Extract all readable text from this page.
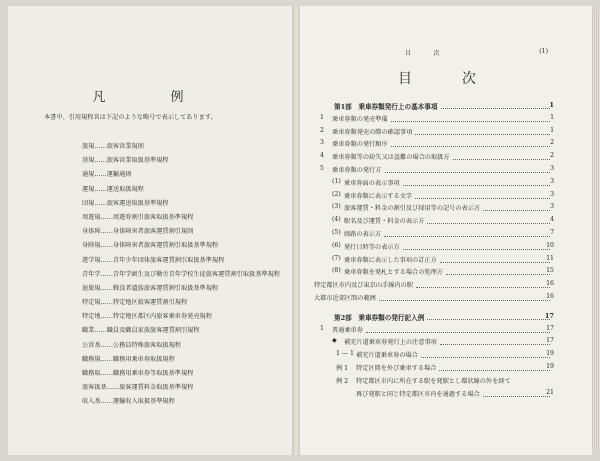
凡　例
本書中、引用規程名は下記のような略号で表示してあります。
旅規……旅客営業規則
基規……旅客営業取扱基準規程
通規……運輸通則
運規……運送取扱規程
団規……旅客運送取扱基準規程
周遊規……周遊券割引旅客取扱基準規程
身体障……身体障害者旅客運賃割引規則
身障規……身体障害者旅客運賃割引取扱基準規程
遊学規……青年少年団体旅客運賃割引取扱基準規程
青年学……青年学級生及び勤労青年学校生徒旅客運賃割引取扱基準規程
退旅規……戦没者遺族旅客運賃割引取扱基準規程
特定規……特定地区旅客運賃割引規程
特定地……特定地区都区内旅客乗車券発売規程
職業……職員及職員家族旅客運賃割引規程
公営基……公務員特殊旅客取扱規程
職務規……職務用乗車券取扱規程
職務取……職務用乗車券等取扱基準規程
旅客扱基……旅客運賃料金取扱基準規程
収入基……運輸収入取扱基準規程
目　次	(1)
目　次
第1部　乗車券類発行上の基本事項	1
1 乗車券類の発売準備	1
2 乗車券類発売の際の確認事項	1
3 乗車券類の発行順序	2
4 乗車券類等の紛失又は盗難の場合の取扱方	2
5 乗車券類の発行方	3
(1) 乗車券面の表示事項	3
(2) 乗車券類に表示する文字	3
(3) 旅客運賃・料金の割引及び採用等の記号の表示方	3
(4) 駅名及び運賃・料金の表示方	4
(5) 経路の表示方	7
(6) 発行日時等の表示方	10
(7) 乗車券類に表示した事項の訂正方	11
(8) 乗車券類を発札とする場合の処理方	15
特定都区市内及び東京山手線内の駅	16
大都市近郊区間の範囲	16
第2部　乗車券類の発行記入例	17
1 普通乗車券	17
◆ 補充片道乗車券発行上の注意事項	17
1 — 1 補充片道乗車券の場合	19
例 1 特定区間を外び乗車する場合	19
例 2 特定都区市内に所在する駅を発駅とし環状線の外を経て
再び発駅と同じ特定都区市内を通過する場合	21
